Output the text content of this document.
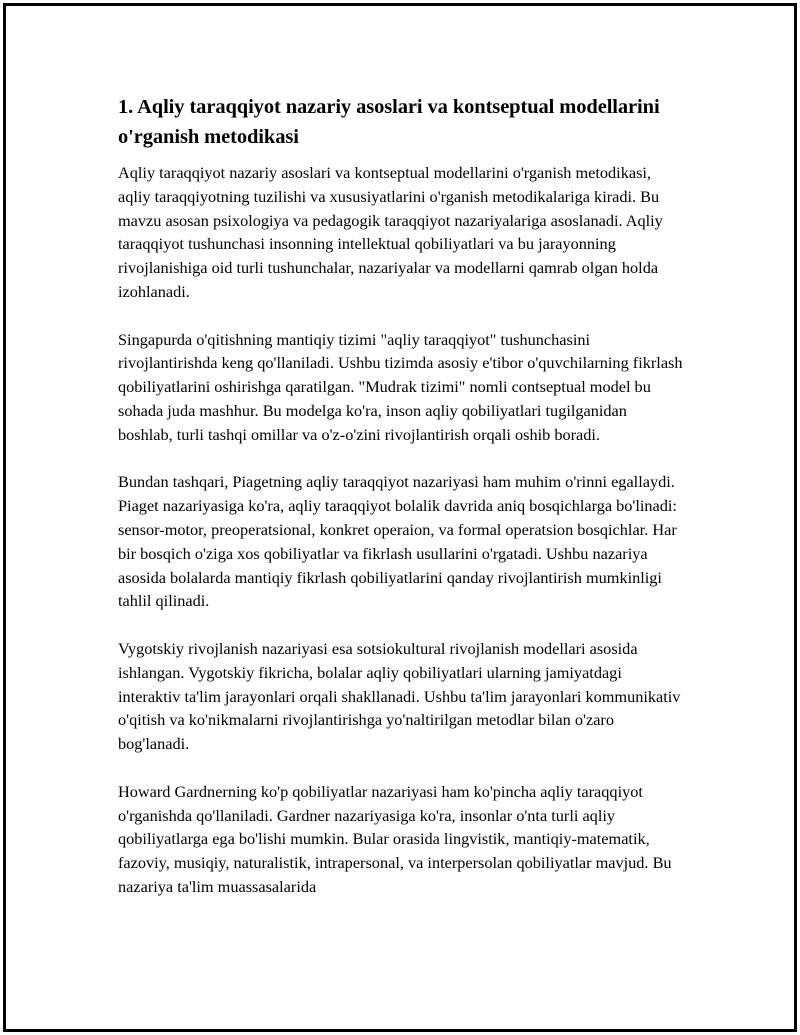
1. Aqliy taraqqiyot nazariy asoslari va kontseptual modellarini o'rganish metodikasi

Aqliy taraqqiyot nazariy asoslari va kontseptual modellarini o'rganish metodikasi, aqliy taraqqiyotning tuzilishi va xususiyatlarini o'rganish metodikalariga kiradi. Bu mavzu asosan psixologiya va pedagogik taraqqiyot nazariyalariga asoslanadi. Aqliy taraqqiyot tushunchasi insonning intellektual qobiliyatlari va bu jarayonning rivojlanishiga oid turli tushunchalar, nazariyalar va modellarni qamrab olgan holda izohlanadi.

Singapurda o'qitishning mantiqiy tizimi "aqliy taraqqiyot" tushunchasini rivojlantirishda keng qo'llaniladi. Ushbu tizimda asosiy e'tibor o'quvchilarning fikrlash qobiliyatlarini oshirishga qaratilgan. "Mudrak tizimi" nomli contseptual model bu sohada juda mashhur. Bu modelga ko'ra, inson aqliy qobiliyatlari tugilganidan boshlab, turli tashqi omillar va o'z-o'zini rivojlantirish orqali oshib boradi.

Bundan tashqari, Piagetning aqliy taraqqiyot nazariyasi ham muhim o'rinni egallaydi. Piaget nazariyasiga ko'ra, aqliy taraqqiyot bolalik davrida aniq bosqichlarga bo'linadi: sensor-motor, preoperatsional, konkret operaion, va formal operatsion bosqichlar. Har bir bosqich o'ziga xos qobiliyatlar va fikrlash usullarini o'rgatadi. Ushbu nazariya asosida bolalarda mantiqiy fikrlash qobiliyatlarini qanday rivojlantirish mumkinligi tahlil qilinadi.

Vygotskiy rivojlanish nazariyasi esa sotsiokultural rivojlanish modellari asosida ishlangan. Vygotskiy fikricha, bolalar aqliy qobiliyatlari ularning jamiyatdagi interaktiv ta'lim jarayonlari orqali shakllanadi. Ushbu ta'lim jarayonlari kommunikativ o'qitish va ko'nikmalarni rivojlantirishga yo'naltirilgan metodlar bilan o'zaro bog'lanadi.

Howard Gardnerning ko'p qobiliyatlar nazariyasi ham ko'pincha aqliy taraqqiyot o'rganishda qo'llaniladi. Gardner nazariyasiga ko'ra, insonlar o'nta turli aqliy qobiliyatlarga ega bo'lishi mumkin. Bular orasida lingvistik, mantiqiy-matematik, fazoviy, musiqiy, naturalistik, intrapersonal, va interpersolan qobiliyatlar mavjud. Bu nazariya ta'lim muassasalarida
